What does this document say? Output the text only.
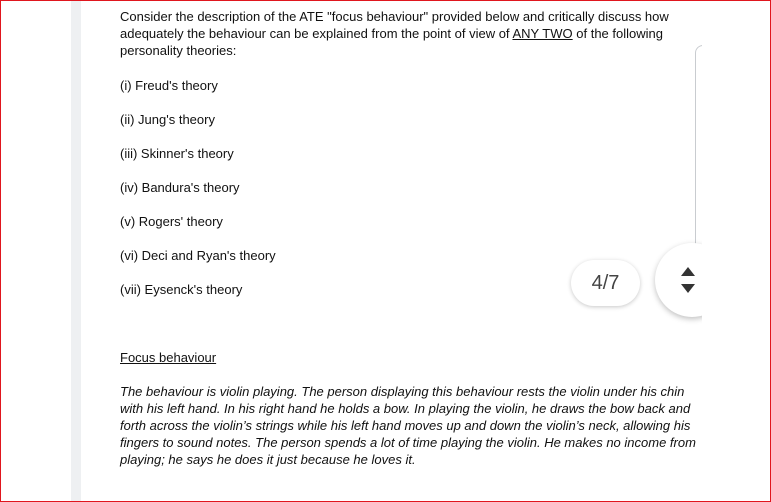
Consider the description of the ATE "focus behaviour" provided below and critically discuss how adequately the behaviour can be explained from the point of view of ANY TWO of the following personality theories:

(i) Freud's theory

(ii) Jung's theory

(iii) Skinner's theory

(iv) Bandura's theory

(v) Rogers' theory

(vi) Deci and Ryan's theory

(vii) Eysenck's theory

Focus behaviour

The behaviour is violin playing. The person displaying this behaviour rests the violin under his chin with his left hand. In his right hand he holds a bow. In playing the violin, he draws the bow back and forth across the violin’s strings while his left hand moves up and down the violin’s neck, allowing his fingers to sound notes. The person spends a lot of time playing the violin. He makes no income from playing; he says he does it just because he loves it.

4/7
